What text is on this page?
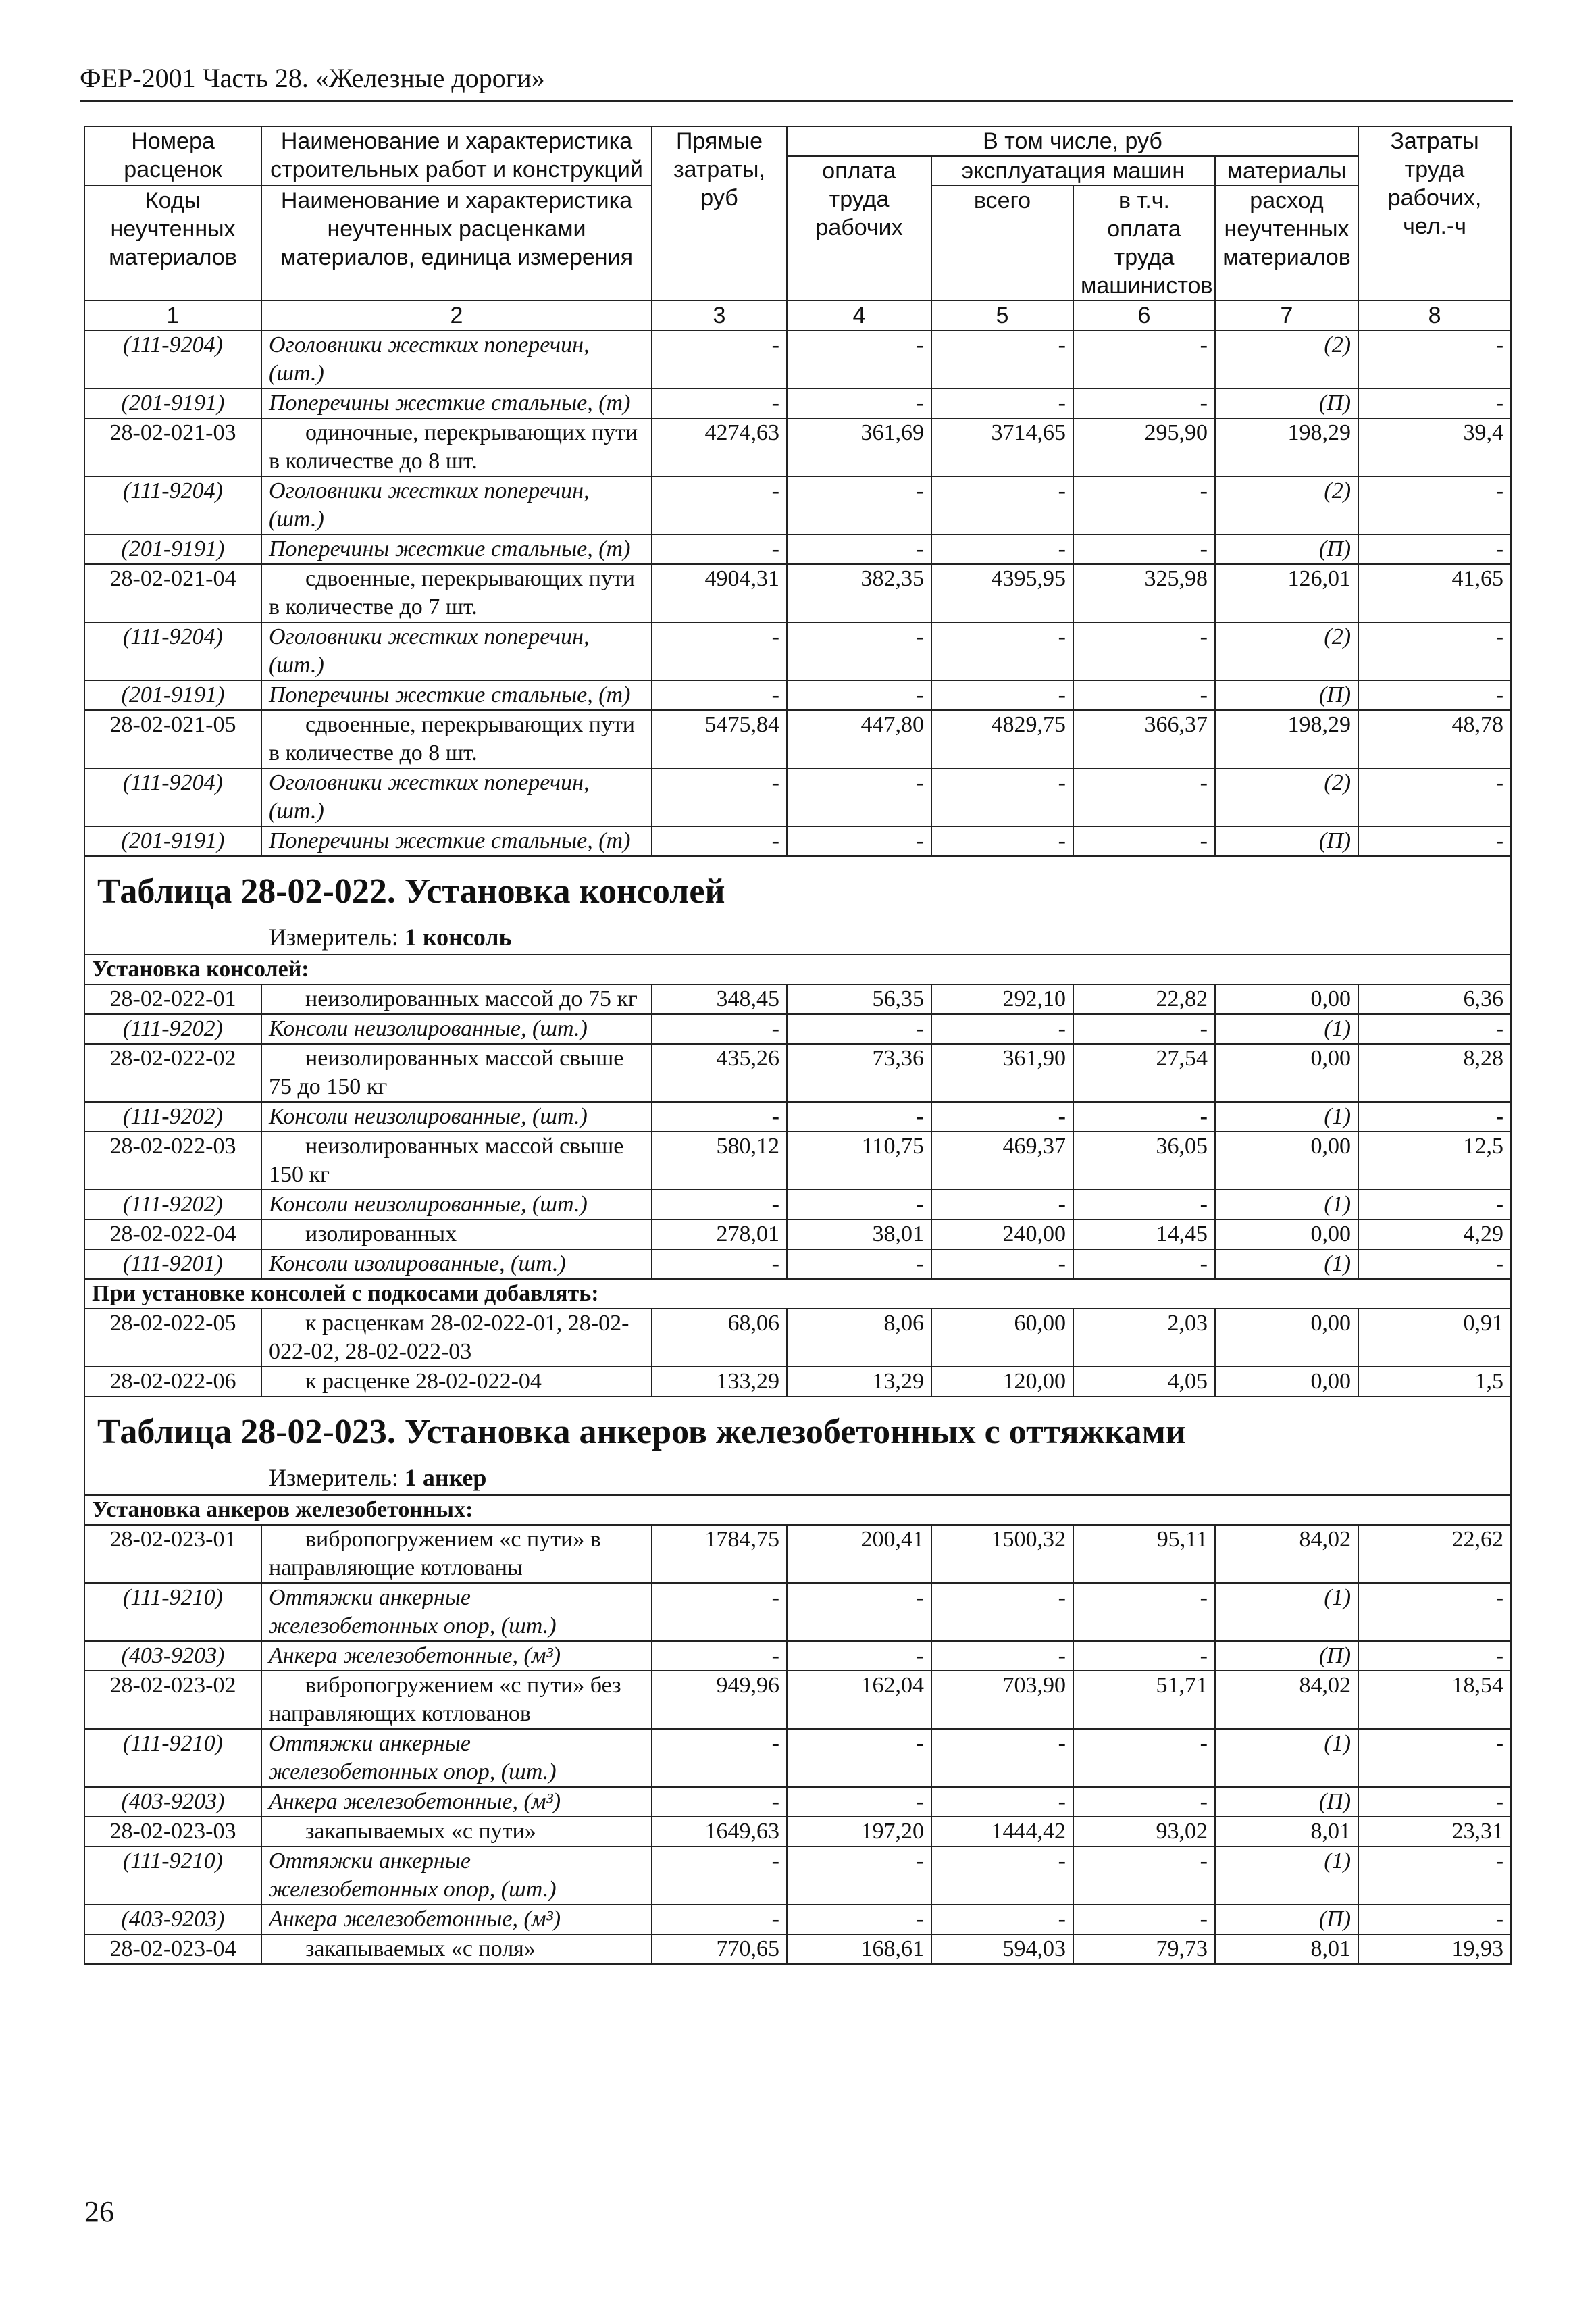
ФЕР-2001 Часть 28. «Железные дороги»
Номера расценок	Наименование и характеристика строительных работ и конструкций	Прямые затраты, руб	В том числе, руб				Затраты труда рабочих, чел.-ч
			оплата труда рабочих	эксплуатация машин		материалы	
Коды неучтенных материалов	Наименование и характеристика неучтенных расценками материалов, единица измерения			всего	в т.ч. оплата труда машинистов	расход неучтенных материалов	

1	2	3	4	5	6	7	8
(111-9204)	Оголовники жестких поперечин, (шт.)	-	-	-	-	(2)	-
(201-9191)	Поперечины жесткие стальные, (т)	-	-	-	-	(П)	-
28-02-021-03	одиночные, перекрывающих пути в количестве до 8 шт.	4274,63	361,69	3714,65	295,90	198,29	39,4
(111-9204)	Оголовники жестких поперечин, (шт.)	-	-	-	-	(2)	-
(201-9191)	Поперечины жесткие стальные, (т)	-	-	-	-	(П)	-
28-02-021-04	сдвоенные, перекрывающих пути в количестве до 7 шт.	4904,31	382,35	4395,95	325,98	126,01	41,65
(111-9204)	Оголовники жестких поперечин, (шт.)	-	-	-	-	(2)	-
(201-9191)	Поперечины жесткие стальные, (т)	-	-	-	-	(П)	-
28-02-021-05	сдвоенные, перекрывающих пути в количестве до 8 шт.	5475,84	447,80	4829,75	366,37	198,29	48,78
(111-9204)	Оголовники жестких поперечин, (шт.)	-	-	-	-	(2)	-
(201-9191)	Поперечины жесткие стальные, (т)	-	-	-	-	(П)	-

Таблица 28-02-022. Установка консолей
Измеритель: 1 консоль							

Установка консолей:							
28-02-022-01	неизолированных массой до 75 кг	348,45	56,35	292,10	22,82	0,00	6,36
(111-9202)	Консоли неизолированные, (шт.)	-	-	-	-	(1)	-
28-02-022-02	неизолированных массой свыше 75 до 150 кг	435,26	73,36	361,90	27,54	0,00	8,28
(111-9202)	Консоли неизолированные, (шт.)	-	-	-	-	(1)	-
28-02-022-03	неизолированных массой свыше 150 кг	580,12	110,75	469,37	36,05	0,00	12,5
(111-9202)	Консоли неизолированные, (шт.)	-	-	-	-	(1)	-
28-02-022-04	изолированных	278,01	38,01	240,00	14,45	0,00	4,29
(111-9201)	Консоли изолированные, (шт.)	-	-	-	-	(1)	-
При установке консолей с подкосами добавлять:							
28-02-022-05	к расценкам 28-02-022-01, 28-02-022-02, 28-02-022-03	68,06	8,06	60,00	2,03	0,00	0,91
28-02-022-06	к расценке 28-02-022-04	133,29	13,29	120,00	4,05	0,00	1,5

Таблица 28-02-023. Установка анкеров железобетонных с оттяжками
Измеритель: 1 анкер							

Установка анкеров железобетонных:							
28-02-023-01	вибропогружением «с пути» в направляющие котлованы	1784,75	200,41	1500,32	95,11	84,02	22,62
(111-9210)	Оттяжки анкерные железобетонных опор, (шт.)	-	-	-	-	(1)	-
(403-9203)	Анкера железобетонные, (м³)	-	-	-	-	(П)	-
28-02-023-02	вибропогружением «с пути» без направляющих котлованов	949,96	162,04	703,90	51,71	84,02	18,54
(111-9210)	Оттяжки анкерные железобетонных опор, (шт.)	-	-	-	-	(1)	-
(403-9203)	Анкера железобетонные, (м³)	-	-	-	-	(П)	-
28-02-023-03	закапываемых «с пути»	1649,63	197,20	1444,42	93,02	8,01	23,31
(111-9210)	Оттяжки анкерные железобетонных опор, (шт.)	-	-	-	-	(1)	-
(403-9203)	Анкера железобетонные, (м³)	-	-	-	-	(П)	-
28-02-023-04	закапываемых «с поля»	770,65	168,61	594,03	79,73	8,01	19,93
26
